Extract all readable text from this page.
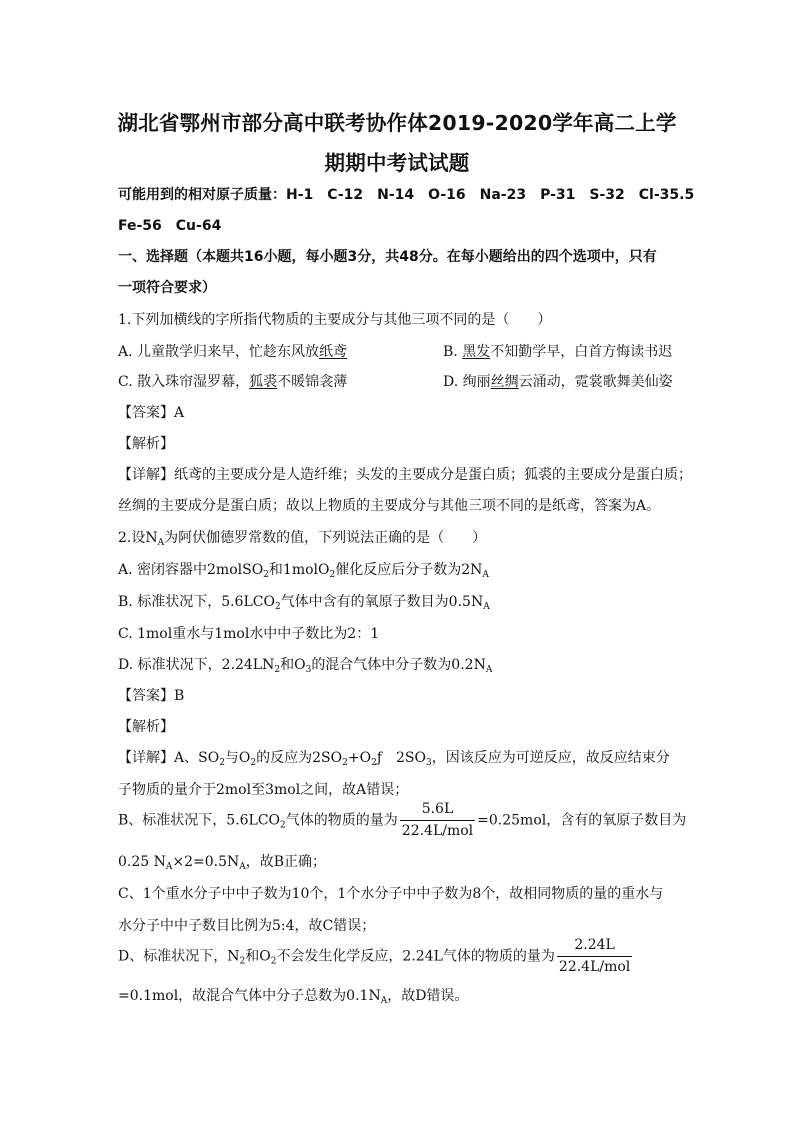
湖北省鄂州市部分高中联考协作体2019-2020学年高二上学
期期中考试试题
可能用到的相对原子质量：H-1　C-12　N-14　O-16　Na-23　P-31　S-32　Cl-35.5
Fe-56　Cu-64
一、选择题（本题共16小题，每小题3分，共48分。在每小题给出的四个选项中，只有
一项符合要求）
1.下列加横线的字所指代物质的主要成分与其他三项不同的是（　　）
A. 儿童散学归来早，忙趁东风放纸鸢	B. 黑发不知勤学早，白首方悔读书迟
C. 散入珠帘湿罗幕，狐裘不暖锦衾薄	D. 绚丽丝绸云涌动，霓裳歌舞美仙姿
【答案】A
【解析】
【详解】纸鸢的主要成分是人造纤维；头发的主要成分是蛋白质；狐裘的主要成分是蛋白质；
丝绸的主要成分是蛋白质；故以上物质的主要成分与其他三项不同的是纸鸢，答案为A。
2.设$N_A$为阿伏伽德罗常数的值，下列说法正确的是（　　）
A. 密闭容器中2molSO$_2$和1molO$_2$催化反应后分子数为$2N_A$
B. 标准状况下，$5.6LCO_2$气体中含有的氧原子数目为$0.5N_A$
C. 1mol重水与1mol水中中子数比为2：1
D. 标准状况下，$2.24LN_2$和$O_3$的混合气体中分子数为$0.2N_A$
【答案】B
【解析】
【详解】A、$SO_2$与$O_2$的反应为$2SO_2+O_2ƒ$　$2SO_3$，因该反应为可逆反应，故反应结束分
子物质的量介于2mol至3mol之间，故A错误；
B、标准状况下，$5.6LCO_2$气体的物质的量为 $\frac{5.6L}{\text{22.4L/mol}} =0.25mol$，含有的氧原子数目为
0.25 $N_A\times 2=0.5N_A$，故B正确；
C、1个重水分子中中子数为10个，1个水分子中中子数为8个，故相同物质的量的重水与
水分子中中子数目比例为5:4，故C错误；
D、标准状况下，$N_2$和$O_2$不会发生化学反应，2.24L气体的物质的量为 $\frac{2.24L}{\text{22.4L/mol}}$
=0.1mol，故混合气体中分子总数为$0.1N_A$，故D错误。
